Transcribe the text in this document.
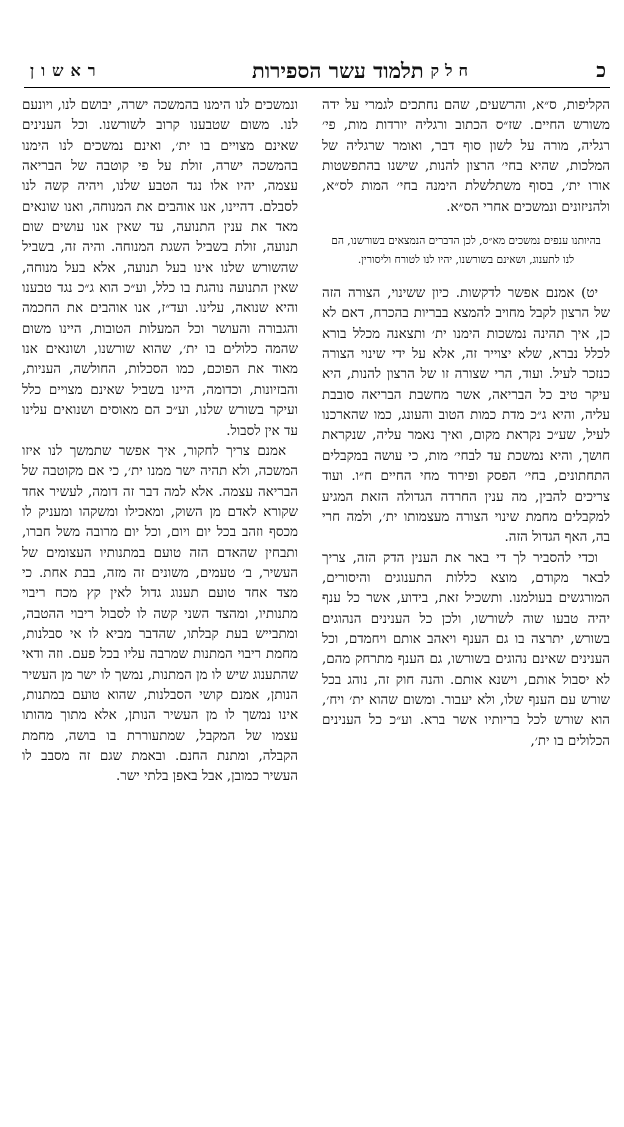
כ
חלק
תלמוד עשר הספירות
ראשון

הקליפות, ס״א, והרשעים, שהם נחתכים לגמרי על ידה משורש החיים. שז״ס הכתוב ורגליה יורדות מות, פי׳ רגליה, מורה על לשון סוף דבר, ואומר שרגליה של המלכות, שהיא בחי׳ הרצון להנות, שישנו בהתפשטות אורו ית׳, בסוף משתלשלת הימנה בחי׳ המות לס״א, ולהניזונים ונמשכים אחרי הס״א.

בהיותנו ענפים נמשכים מא״ס, לכן הדברים הנמצאים בשורשנו, הם לנו לתענוג, ושאינם בשורשנו, יהיו לנו לטורח וליסורין.

יט) אמנם אפשר לדקשות. כיון ששינוי, הצורה הזה של הרצון לקבל מחויב להמצא בבריות בהכרח, דאם לא כן, איך תהינה נמשכות הימנו ית׳ ותצאנה מכלל בורא לכלל נברא, שלא יצוייר זה, אלא על ידי שינוי הצורה כנזכר לעיל. ועוד, הרי שצורה זו של הרצון להנות, היא עיקר טיב כל הבריאה, אשר מחשבת הבריאה סובבת עליה, והיא ג״כ מדת כמות הטוב והעונג, כמו שהארכנו לעיל, שע״כ נקראת מקום, ואיך נאמר עליה, שנקראת חושך, והיא נמשכת עד לבחי׳ מות, כי עושה במקבלים התחתונים, בחי׳ הפסק ופירוד מחי החיים ח״ו. ועוד צריכים להבין, מה ענין החרדה הגדולה הזאת המגיע למקבלים מחמת שינוי הצורה מעצמותו ית׳, ולמה חרי בה, האף הגדול הזה.

וכדי להסביר לך די באר את הענין הדק הזה, צריך לבאר מקודם, מוצא כללות התענוגים והיסורים, המורגשים בעולמנו. ותשכיל זאת, בידוע, אשר כל ענף יהיה טבעו שוה לשורשו, ולכן כל הענינים הנהוגים בשורש, יתרצה בו גם הענף ויאהב אותם ויחמדם, וכל הענינים שאינם נהוגים בשורשו, גם הענף מתרחק מהם, לא יסבול אותם, וישנא אותם. והנה חוק זה, נוהג בכל שורש עם הענף שלו, ולא יעבור. ומשום שהוא ית׳ ויח׳, הוא שורש לכל בריותיו אשר ברא. וע״כ כל הענינים הכלולים בו ית׳,

ונמשכים לנו הימנו בהמשכה ישרה, יבושם לנו, ויונעם לנו. משום שטבענו קרוב לשורשנו. וכל הענינים שאינם מצויים בו ית׳, ואינם נמשכים לנו הימנו בהמשכה ישרה, זולת על פי קוטבה של הבריאה עצמה, יהיו אלו נגד הטבע שלנו, ויהיה קשה לנו לסבלם. דהיינו, אנו אוהבים את המנוחה, ואנו שונאים מאד את ענין התנועה, עד שאין אנו עושים שום תנועה, זולת בשביל השגת המנוחה. והיה זה, בשביל שהשורש שלנו אינו בעל תנועה, אלא בעל מנוחה, שאין התנועה נוהגת בו כלל, וע״כ הוא ג״כ נגד טבענו והיא שנואה, עלינו. ועד״ז, אנו אוהבים את החכמה והגבורה והעושר וכל המעלות הטובות, היינו משום שהמה כלולים בו ית׳, שהוא שורשנו, ושונאים אנו מאוד את הפוכם, כמו הסכלות, החולשה, העניות, והבזיונות, וכדומה, היינו בשביל שאינם מצויים כלל ועיקר בשורש שלנו, וע״כ הם מאוסים ושנואים עלינו עד אין לסבול.

אמנם צריך לחקור, איך אפשר שתמשך לנו איזו המשכה, ולא תהיה ישר ממנו ית׳, כי אם מקוטבה של הבריאה עצמה. אלא למה דבר זה דומה, לעשיר אחד שקורא לאדם מן השוק, ומאכילו ומשקהו ומעניק לו מכסף וזהב בכל יום ויום, וכל יום מרובה משל חברו, ותבחין שהאדם הזה טועם במתנותיו העצומים של העשיר, ב׳ טעמים, משונים זה מזה, בבת אחת. כי מצד אחד טועם תענוג גדול לאין קץ מכח ריבוי מתנותיו, ומהצד השני קשה לו לסבול ריבוי ההטבה, ומתבייש בעת קבלתו, שהדבר מביא לו אי סבלנות, מחמת ריבוי המתנות שמרבה עליו בכל פעם. וזה ודאי שהתענוג שיש לו מן המתנות, נמשך לו ישר מן העשיר הנותן, אמנם קושי הסבלנות, שהוא טועם במתנות, אינו נמשך לו מן העשיר הנותן, אלא מתוך מהותו עצמו של המקבל, שמתעוררת בו בושה, מחמת הקבלה, ומתנת החנם. ובאמת שגם זה מסבב לו העשיר כמובן, אבל באפן בלתי ישר.
